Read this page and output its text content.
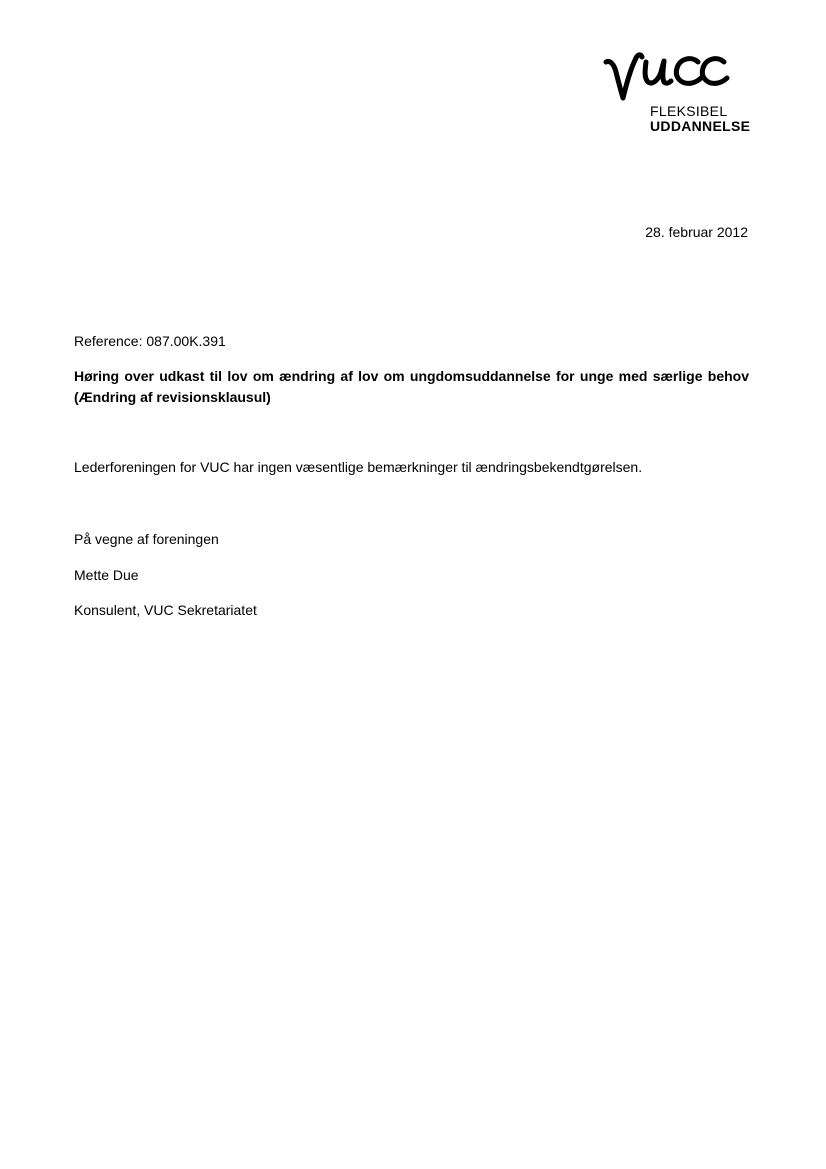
FLEKSIBEL
UDDANNELSE
28. februar 2012
Reference: 087.00K.391
Høring over udkast til lov om ændring af lov om ungdomsuddannelse for unge med særlige behov (Ændring af revisionsklausul)
Lederforeningen for VUC har ingen væsentlige bemærkninger til ændringsbekendtgørelsen.
På vegne af foreningen
Mette Due
Konsulent, VUC Sekretariatet
